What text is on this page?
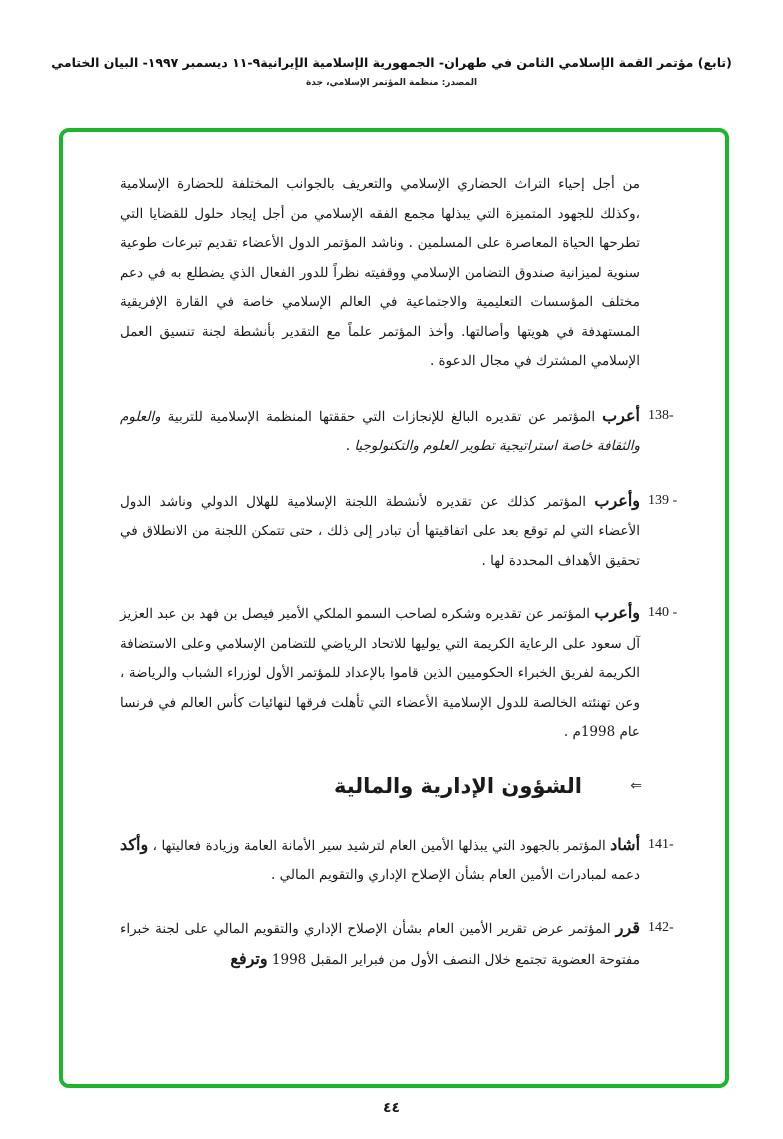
(تابع) مؤتمر القمة الإسلامي الثامن في طهران- الجمهورية الإسلامية الإيرانية٩-١١ ديسمبر ١٩٩٧- البيان الختامي
المصدر: منظمة المؤتمر الإسلامي، جدة

من أجل إحياء التراث الحضاري الإسلامي والتعريف بالجوانب المختلفة للحضارة الإسلامية ،وكذلك للجهود المتميزة التي يبذلها مجمع الفقه الإسلامي من أجل إيجاد حلول للقضايا التي تطرحها الحياة المعاصرة على المسلمين . وناشد المؤتمر الدول الأعضاء تقديم تبرعات طوعية سنوية لميزانية صندوق التضامن الإسلامي ووقفيته نظراً للدور الفعال الذي يضطلع به في دعم مختلف المؤسسات التعليمية والاجتماعية في العالم الإسلامي خاصة في القارة الإفريقية المستهدفة في هويتها وأصالتها. وأخذ المؤتمر علماً مع التقدير بأنشطة لجنة تنسيق العمل الإسلامي المشترك في مجال الدعوة .

138-

أعرب المؤتمر عن تقديره البالغ للإنجازات التي حققتها المنظمة الإسلامية للتربية والعلوم والثقافة خاصة استراتيجية تطوير العلوم والتكنولوجيا .

139 -

وأعرب المؤتمر كذلك عن تقديره لأنشطة اللجنة الإسلامية للهلال الدولي وناشد الدول الأعضاء التي لم توقع بعد على اتفاقيتها أن تبادر إلى ذلك ، حتى تتمكن اللجنة من الانطلاق في تحقيق الأهداف المحددة لها .

140 -

وأعرب المؤتمر عن تقديره وشكره لصاحب السمو الملكي الأمير فيصل بن فهد بن عبد العزيز آل سعود على الرعاية الكريمة التي يوليها للاتحاد الرياضي للتضامن الإسلامي وعلى الاستضافة الكريمة لفريق الخبراء الحكوميين الذين قاموا بالإعداد للمؤتمر الأول لوزراء الشباب والرياضة ، وعن تهنئته الخالصة للدول الإسلامية الأعضاء التي تأهلت فرقها لنهائيات كأس العالم في فرنسا عام 1998م .

⇐
الشؤون الإدارية والمالية
141-

أشاد المؤتمر بالجهود التي يبذلها الأمين العام لترشيد سير الأمانة العامة وزيادة فعاليتها ، وأكد دعمه لمبادرات الأمين العام بشأن الإصلاح الإداري والتقويم المالي .

142-

قرر المؤتمر عرض تقرير الأمين العام بشأن الإصلاح الإداري والتقويم المالي على لجنة خبراء مفتوحة العضوية تجتمع خلال النصف الأول من فبراير المقبل 1998 وترفع

٤٤
